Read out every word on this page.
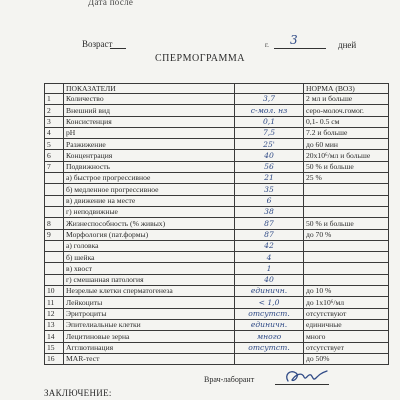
Дата после
Возраст	г. 3	дней
СПЕРМОГРАММА
	ПОКАЗАТЕЛИ		НОРМА (ВОЗ)
1	Количество	3,7	2 мл и больше
2	Внешний вид	с-мол. нз	серо-молоч.гомог.
3	Консистенция	0,1	0,1- 0.5 см
4	pH	7,5	7.2 и больше
5	Разжижение	25'	до 60 мин
6	Концентрация	40	20x10⁶/мл и больше
7	Подвижность	56	50 % и больше
	а) быстрое прогрессивное	21	25 %
	б) медленное прогрессивное	35	
	в) движение на месте	6	
	г) неподвижные	38	
8	Жизнеспособность (% живых)	87	50 % и больше
9	Морфология (пат.формы)	87	до 70 %
	а) головка	42	
	б) шейка	4	
	в) хвост	1	
	г) смешанная патология	40	
10	Незрелые клетки сперматогенеза	единичн.	до 10 %
11	Лейкоциты	< 1,0	до 1x10⁶/мл
12	Эритроциты	отсутст.	отсутствуют
13	Эпителиальные клетки	единичн.	единичные
14	Лецитиновые зерна	много	много
15	Агглютинация	отсутст.	отсутствует
16	MAR-тест		до 50%
Врач-лаборант
ЗАКЛЮЧЕНИЕ:
